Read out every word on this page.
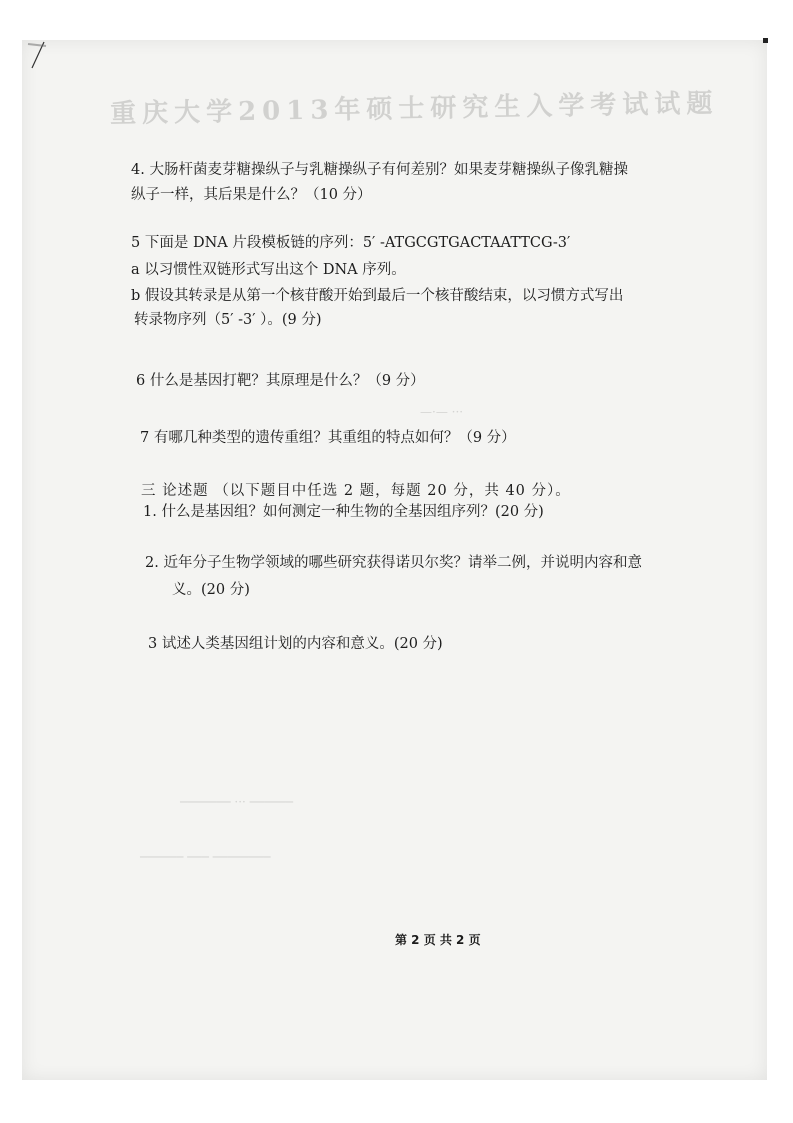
重庆大学2013年硕士研究生入学考试试题
—·— ···
─────── ··· ──────
────── ─── ────────
4. 大肠杆菌麦芽糖操纵子与乳糖操纵子有何差别？如果麦芽糖操纵子像乳糖操
纵子一样，其后果是什么？（10 分）
5 下面是 DNA 片段模板链的序列：5′ -ATGCGTGACTAATTCG-3′
a 以习惯性双链形式写出这个 DNA 序列。
b 假设其转录是从第一个核苷酸开始到最后一个核苷酸结束，以习惯方式写出
转录物序列（5′ -3′ ）。(9 分)
6 什么是基因打靶？其原理是什么？（9 分）
7 有哪几种类型的遗传重组？其重组的特点如何？（9 分）
三 论述题 （以下题目中任选 2 题，每题 20 分，共 40 分）。
1. 什么是基因组？如何测定一种生物的全基因组序列？(20 分)
2. 近年分子生物学领域的哪些研究获得诺贝尔奖？请举二例，并说明内容和意
义。(20 分)
3 试述人类基因组计划的内容和意义。(20 分)
第 2 页 共 2 页
